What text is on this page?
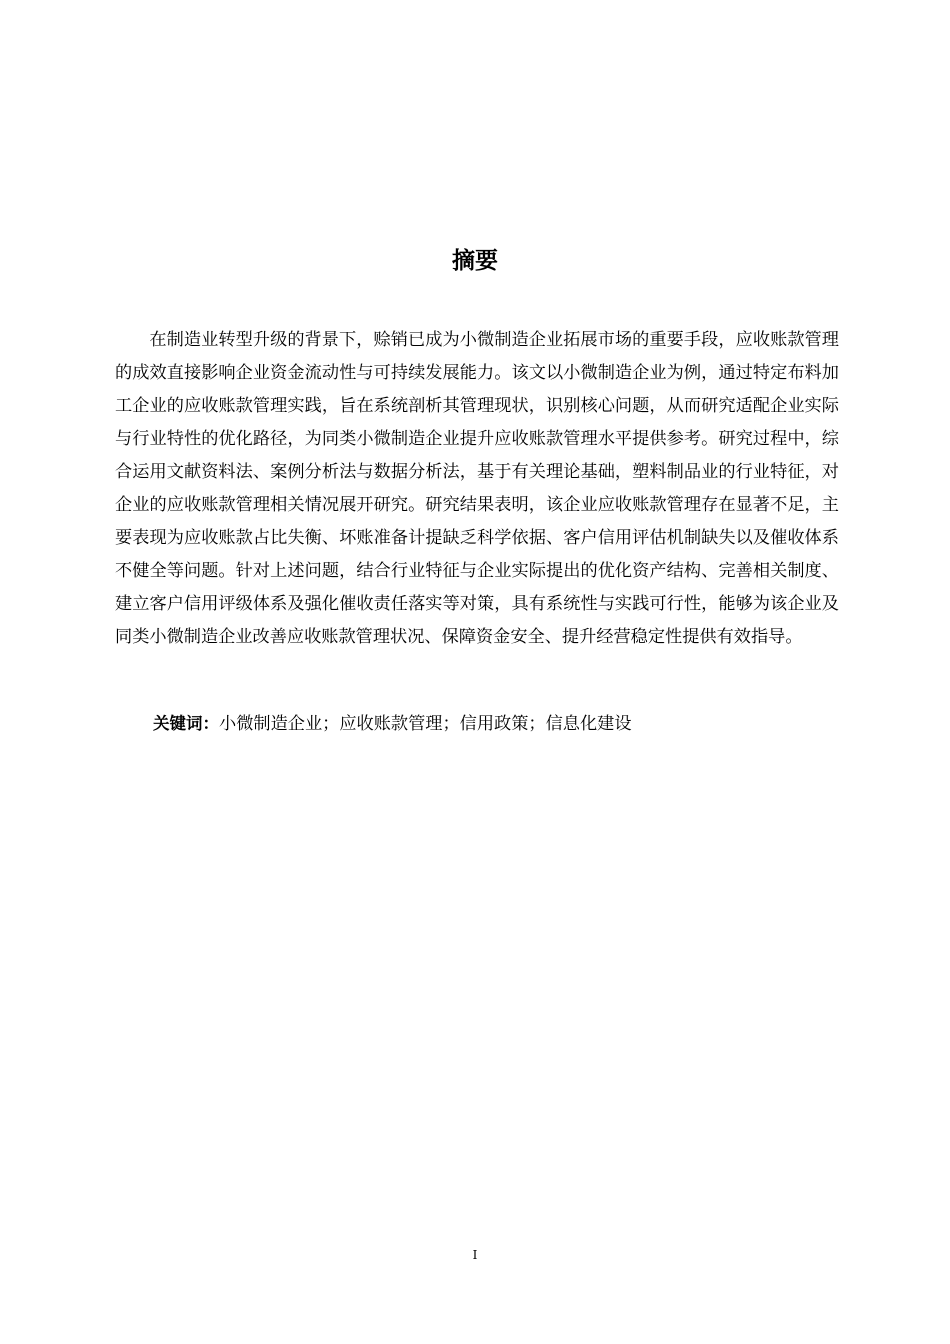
摘要

在制造业转型升级的背景下，赊销已成为小微制造企业拓展市场的重要手段，应收账款管理的成效直接影响企业资金流动性与可持续发展能力。该文以小微制造企业为例，通过特定布料加工企业的应收账款管理实践，旨在系统剖析其管理现状，识别核心问题，从而研究适配企业实际与行业特性的优化路径，为同类小微制造企业提升应收账款管理水平提供参考。研究过程中，综合运用文献资料法、案例分析法与数据分析法，基于有关理论基础，塑料制品业的行业特征，对企业的应收账款管理相关情况展开研究。研究结果表明，该企业应收账款管理存在显著不足，主要表现为应收账款占比失衡、坏账准备计提缺乏科学依据、客户信用评估机制缺失以及催收体系不健全等问题。针对上述问题，结合行业特征与企业实际提出的优化资产结构、完善相关制度、建立客户信用评级体系及强化催收责任落实等对策，具有系统性与实践可行性，能够为该企业及同类小微制造企业改善应收账款管理状况、保障资金安全、提升经营稳定性提供有效指导。

关键词：小微制造企业；应收账款管理；信用政策；信息化建设
I
